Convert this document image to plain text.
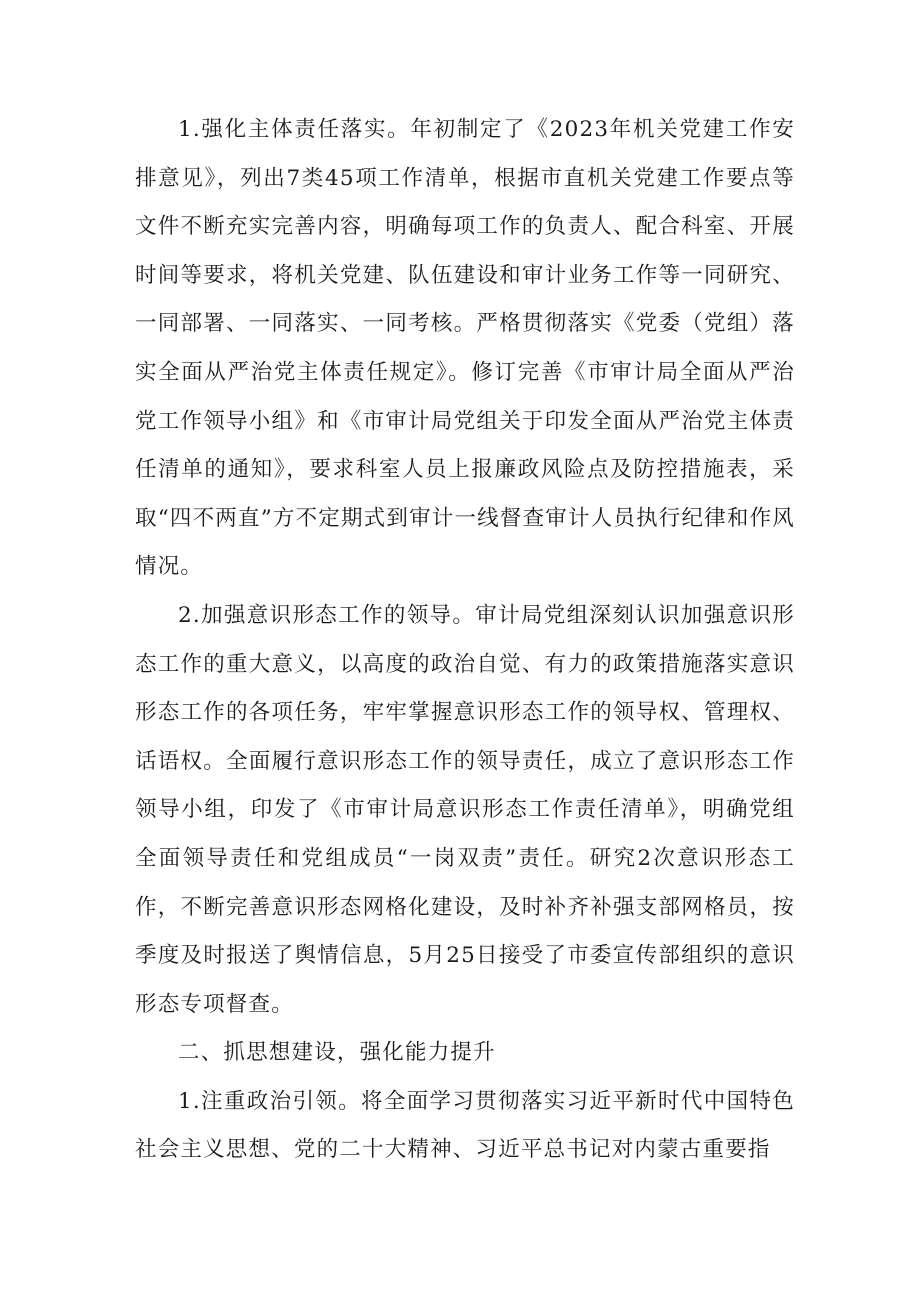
1.强化主体责任落实。年初制定了《2023年机关党建工作安排意见》，列出7类45项工作清单，根据市直机关党建工作要点等文件不断充实完善内容，明确每项工作的负责人、配合科室、开展时间等要求，将机关党建、队伍建设和审计业务工作等一同研究、一同部署、一同落实、一同考核。严格贯彻落实《党委（党组）落实全面从严治党主体责任规定》。修订完善《市审计局全面从严治党工作领导小组》和《市审计局党组关于印发全面从严治党主体责任清单的通知》，要求科室人员上报廉政风险点及防控措施表，采取“四不两直”方不定期式到审计一线督查审计人员执行纪律和作风情况。

2.加强意识形态工作的领导。审计局党组深刻认识加强意识形态工作的重大意义，以高度的政治自觉、有力的政策措施落实意识形态工作的各项任务，牢牢掌握意识形态工作的领导权、管理权、话语权。全面履行意识形态工作的领导责任，成立了意识形态工作领导小组，印发了《市审计局意识形态工作责任清单》，明确党组全面领导责任和党组成员“一岗双责”责任。研究2次意识形态工作，不断完善意识形态网格化建设，及时补齐补强支部网格员，按季度及时报送了舆情信息，5月25日接受了市委宣传部组织的意识形态专项督查。

二、抓思想建设，强化能力提升

1.注重政治引领。将全面学习贯彻落实习近平新时代中国特色社会主义思想、党的二十大精神、习近平总书记对内蒙古重要指
